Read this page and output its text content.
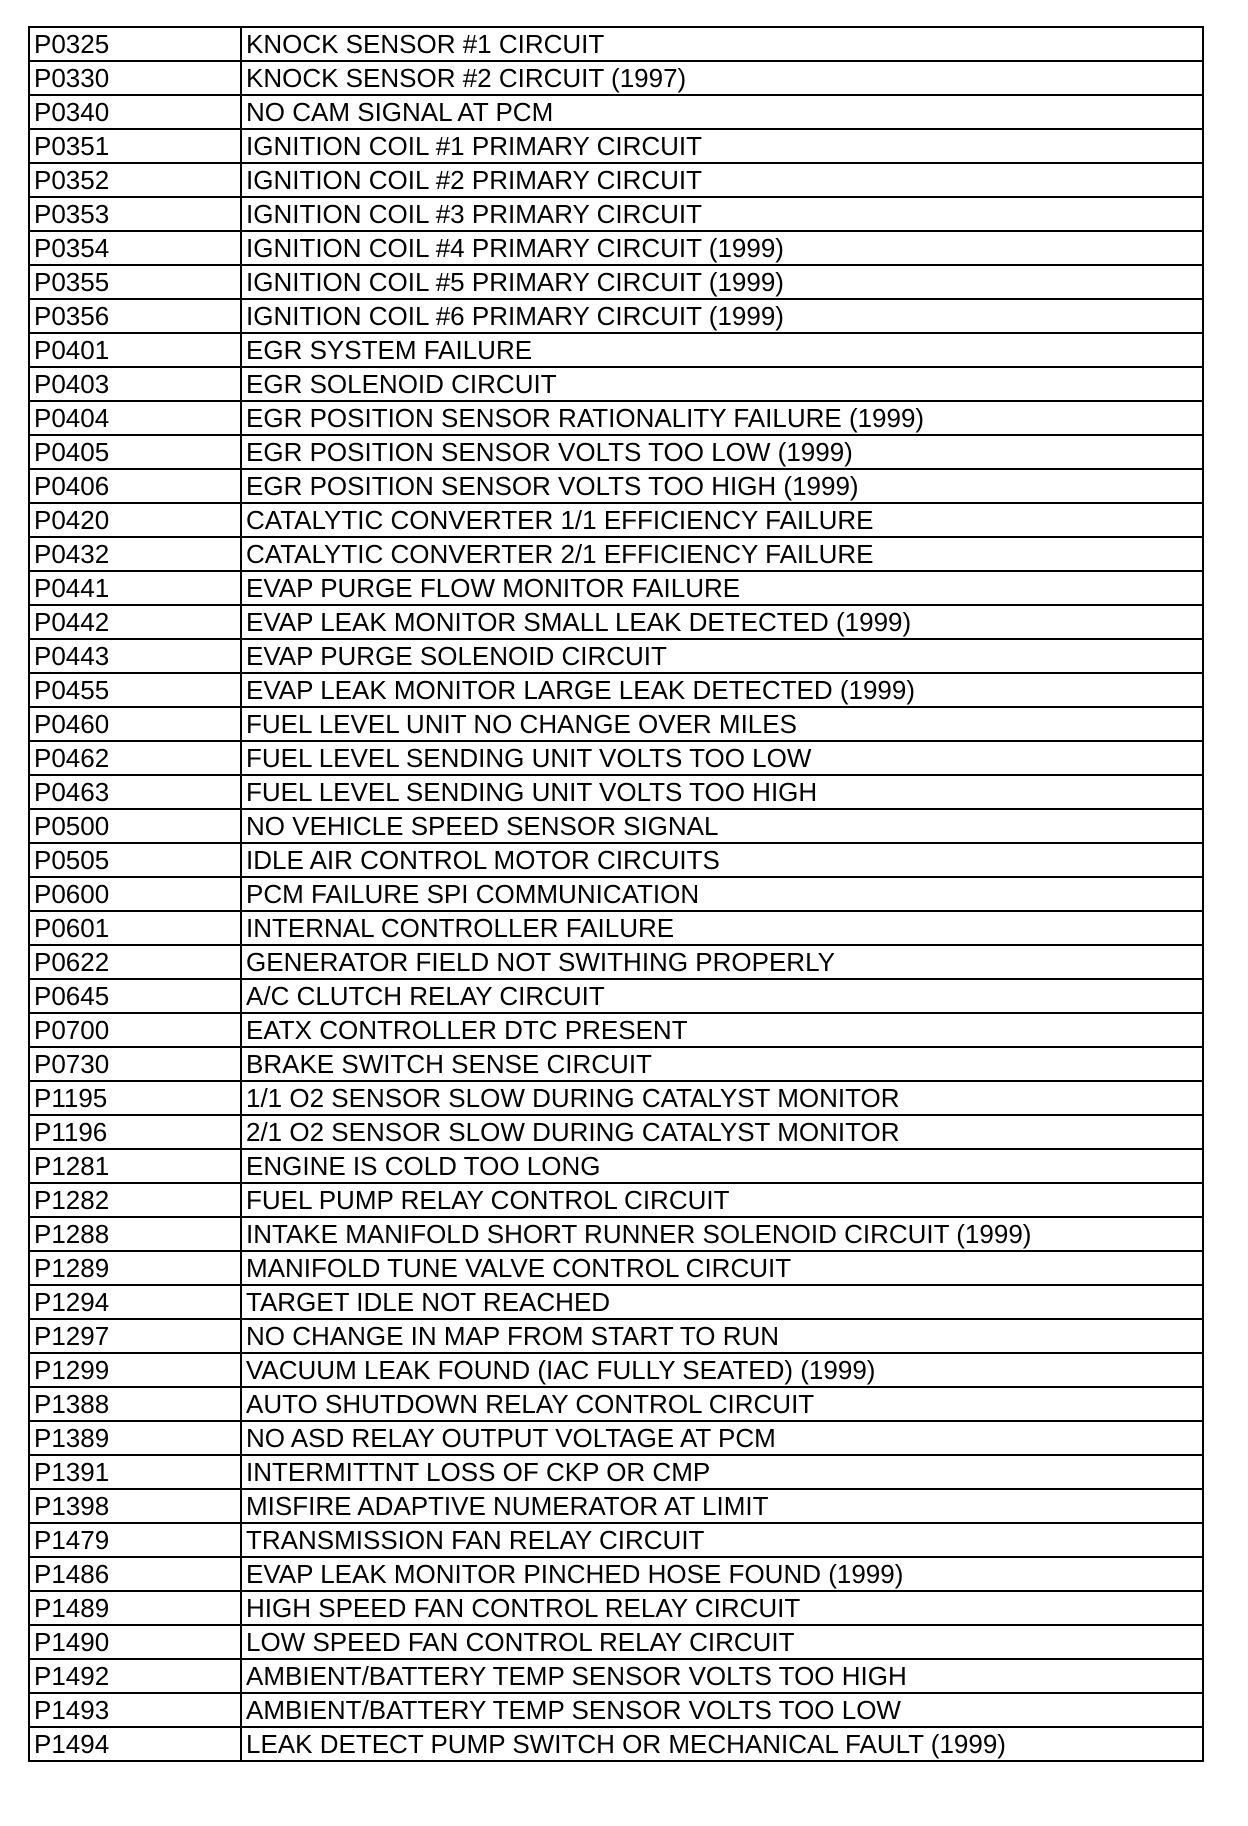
P0325	KNOCK SENSOR #1 CIRCUIT
P0330	KNOCK SENSOR #2 CIRCUIT (1997)
P0340	NO CAM SIGNAL AT PCM
P0351	IGNITION COIL #1 PRIMARY CIRCUIT
P0352	IGNITION COIL #2 PRIMARY CIRCUIT
P0353	IGNITION COIL #3 PRIMARY CIRCUIT
P0354	IGNITION COIL #4 PRIMARY CIRCUIT (1999)
P0355	IGNITION COIL #5 PRIMARY CIRCUIT (1999)
P0356	IGNITION COIL #6 PRIMARY CIRCUIT (1999)
P0401	EGR SYSTEM FAILURE
P0403	EGR SOLENOID CIRCUIT
P0404	EGR POSITION SENSOR RATIONALITY FAILURE (1999)
P0405	EGR POSITION SENSOR VOLTS TOO LOW (1999)
P0406	EGR POSITION SENSOR VOLTS TOO HIGH (1999)
P0420	CATALYTIC CONVERTER 1/1 EFFICIENCY FAILURE
P0432	CATALYTIC CONVERTER 2/1 EFFICIENCY FAILURE
P0441	EVAP PURGE FLOW MONITOR FAILURE
P0442	EVAP LEAK MONITOR SMALL LEAK DETECTED (1999)
P0443	EVAP PURGE SOLENOID CIRCUIT
P0455	EVAP LEAK MONITOR LARGE LEAK DETECTED (1999)
P0460	FUEL LEVEL UNIT NO CHANGE OVER MILES
P0462	FUEL LEVEL SENDING UNIT VOLTS TOO LOW
P0463	FUEL LEVEL SENDING UNIT VOLTS TOO HIGH
P0500	NO VEHICLE SPEED SENSOR SIGNAL
P0505	IDLE AIR CONTROL MOTOR CIRCUITS
P0600	PCM FAILURE SPI COMMUNICATION
P0601	INTERNAL CONTROLLER FAILURE
P0622	GENERATOR FIELD NOT SWITHING PROPERLY
P0645	A/C CLUTCH RELAY CIRCUIT
P0700	EATX CONTROLLER DTC PRESENT
P0730	BRAKE SWITCH SENSE CIRCUIT
P1195	1/1 O2 SENSOR SLOW DURING CATALYST MONITOR
P1196	2/1 O2 SENSOR SLOW DURING CATALYST MONITOR
P1281	ENGINE IS COLD TOO LONG
P1282	FUEL PUMP RELAY CONTROL CIRCUIT
P1288	INTAKE MANIFOLD SHORT RUNNER SOLENOID CIRCUIT (1999)
P1289	MANIFOLD TUNE VALVE CONTROL CIRCUIT
P1294	TARGET IDLE NOT REACHED
P1297	NO CHANGE IN MAP FROM START TO RUN
P1299	VACUUM LEAK FOUND (IAC FULLY SEATED) (1999)
P1388	AUTO SHUTDOWN RELAY CONTROL CIRCUIT
P1389	NO ASD RELAY OUTPUT VOLTAGE AT PCM
P1391	INTERMITTNT LOSS OF CKP OR CMP
P1398	MISFIRE ADAPTIVE NUMERATOR AT LIMIT
P1479	TRANSMISSION FAN RELAY CIRCUIT
P1486	EVAP LEAK MONITOR PINCHED HOSE FOUND (1999)
P1489	HIGH SPEED FAN CONTROL RELAY CIRCUIT
P1490	LOW SPEED FAN CONTROL RELAY CIRCUIT
P1492	AMBIENT/BATTERY TEMP SENSOR VOLTS TOO HIGH
P1493	AMBIENT/BATTERY TEMP SENSOR VOLTS TOO LOW
P1494	LEAK DETECT PUMP SWITCH OR MECHANICAL FAULT (1999)
